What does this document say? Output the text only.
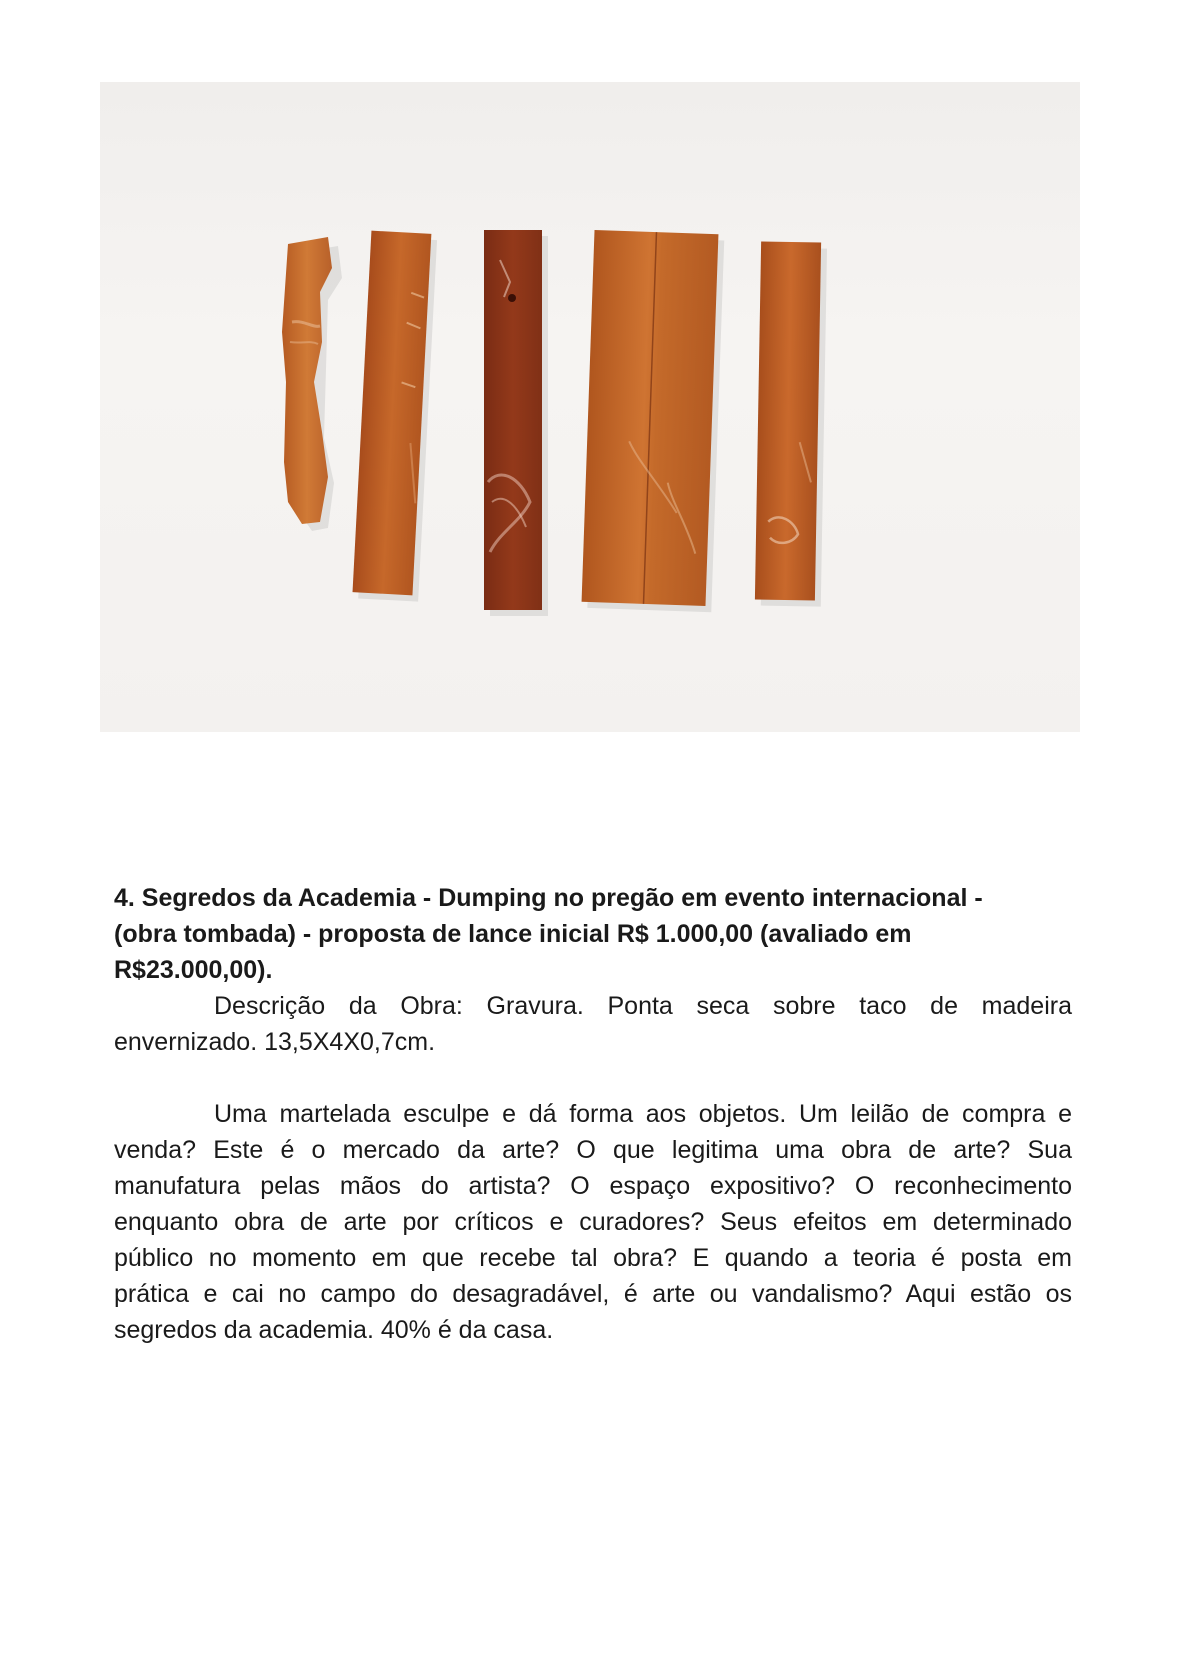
4. Segredos da Academia - Dumping no pregão em evento internacional -
(obra tombada) - proposta de lance inicial R$ 1.000,00 (avaliado em
R$23.000,00).

Descrição da Obra: Gravura. Ponta seca sobre taco de madeira
envernizado. 13,5X4X0,7cm.

Uma martelada esculpe e dá forma aos objetos. Um leilão de compra e
venda? Este é o mercado da arte? O que legitima uma obra de arte? Sua
manufatura pelas mãos do artista? O espaço expositivo? O reconhecimento
enquanto obra de arte por críticos e curadores? Seus efeitos em determinado
público no momento em que recebe tal obra? E quando a teoria é posta em
prática e cai no campo do desagradável, é arte ou vandalismo? Aqui estão os
segredos da academia. 40% é da casa.
